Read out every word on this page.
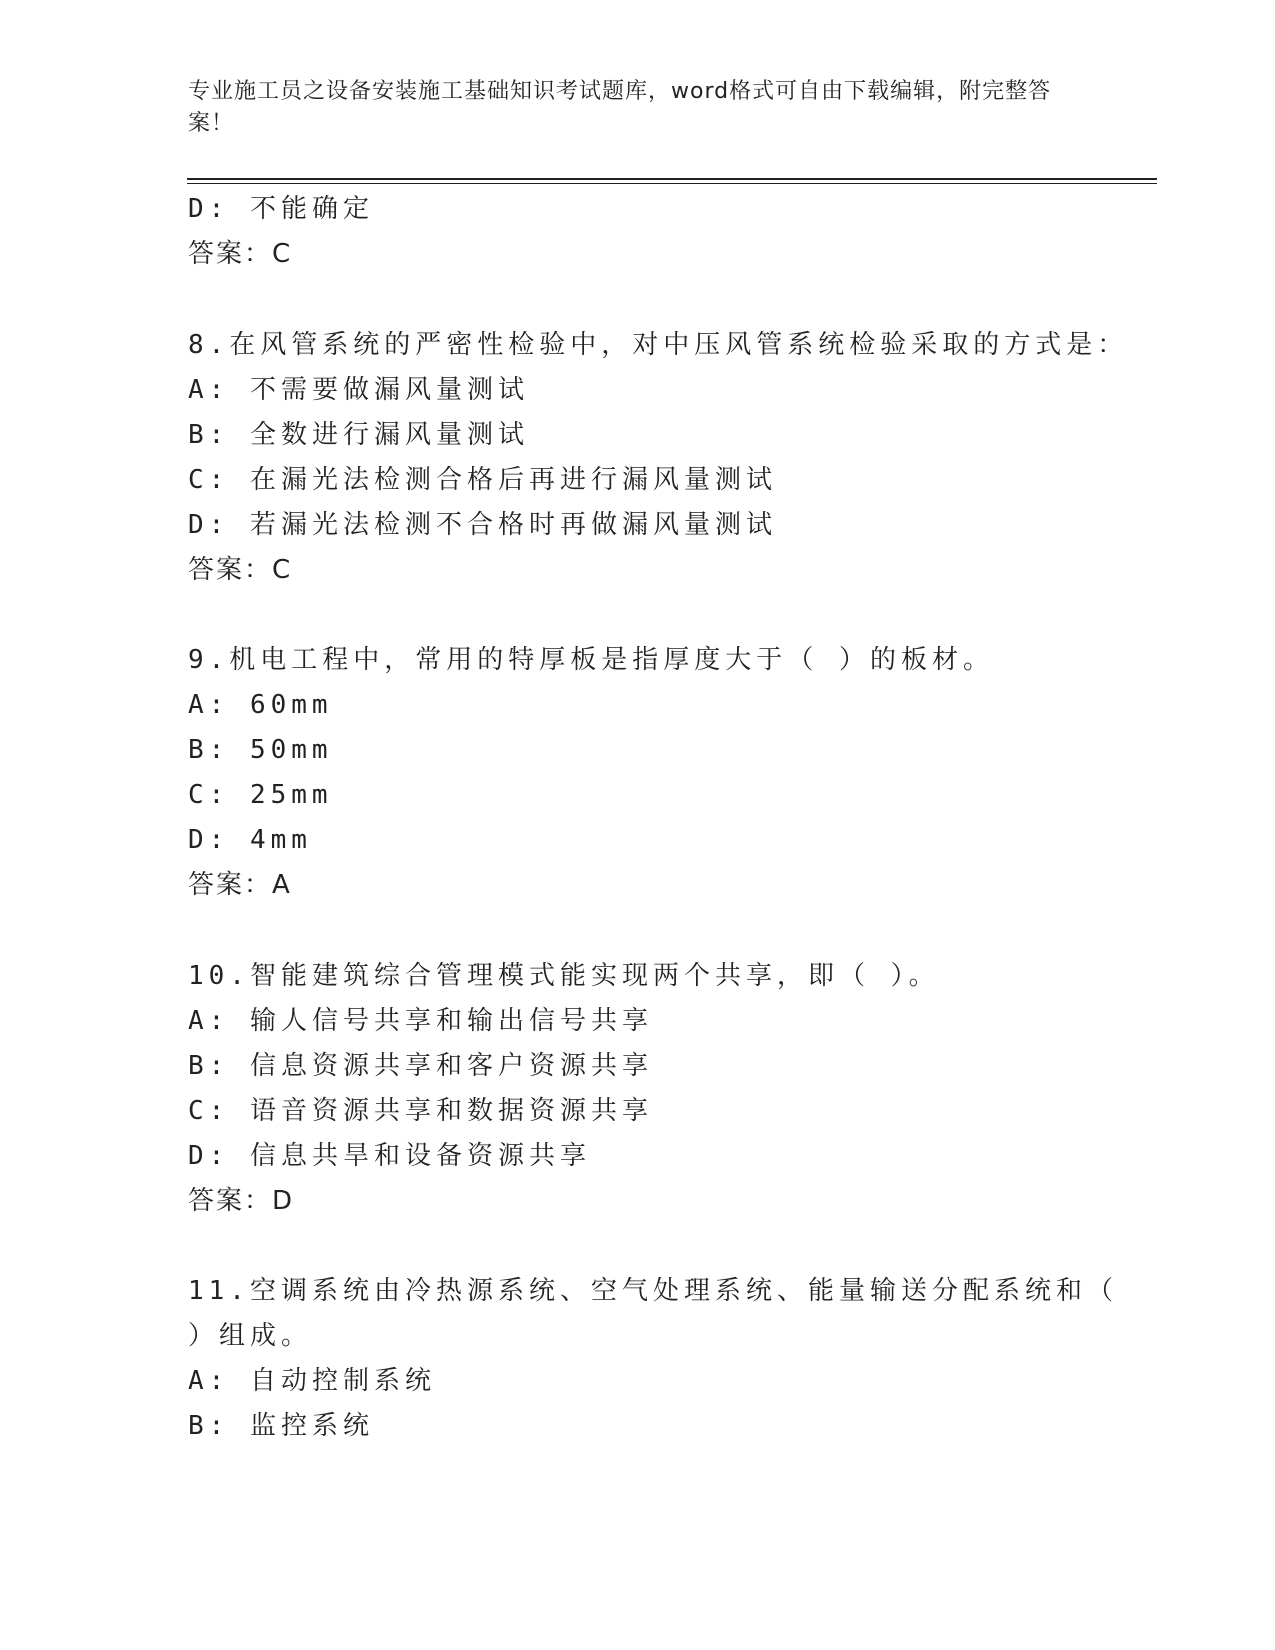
专业施工员之设备安装施工基础知识考试题库，word格式可自由下载编辑，附完整答案！
D: 不能确定
答案：C
8.在风管系统的严密性检验中，对中压风管系统检验采取的方式是：
A: 不需要做漏风量测试
B: 全数进行漏风量测试
C: 在漏光法检测合格后再进行漏风量测试
D: 若漏光法检测不合格时再做漏风量测试
答案：C
9.机电工程中，常用的特厚板是指厚度大于（ ）的板材。
A: 60mm
B: 50mm
C: 25mm
D: 4mm
答案：A
10.智能建筑综合管理模式能实现两个共享，即（ ）。
A: 输人信号共享和输出信号共享
B: 信息资源共享和客户资源共享
C: 语音资源共享和数据资源共享
D: 信息共旱和设备资源共享
答案：D
11.空调系统由冷热源系统、空气处理系统、能量输送分配系统和（
）组成。
A: 自动控制系统
B: 监控系统
